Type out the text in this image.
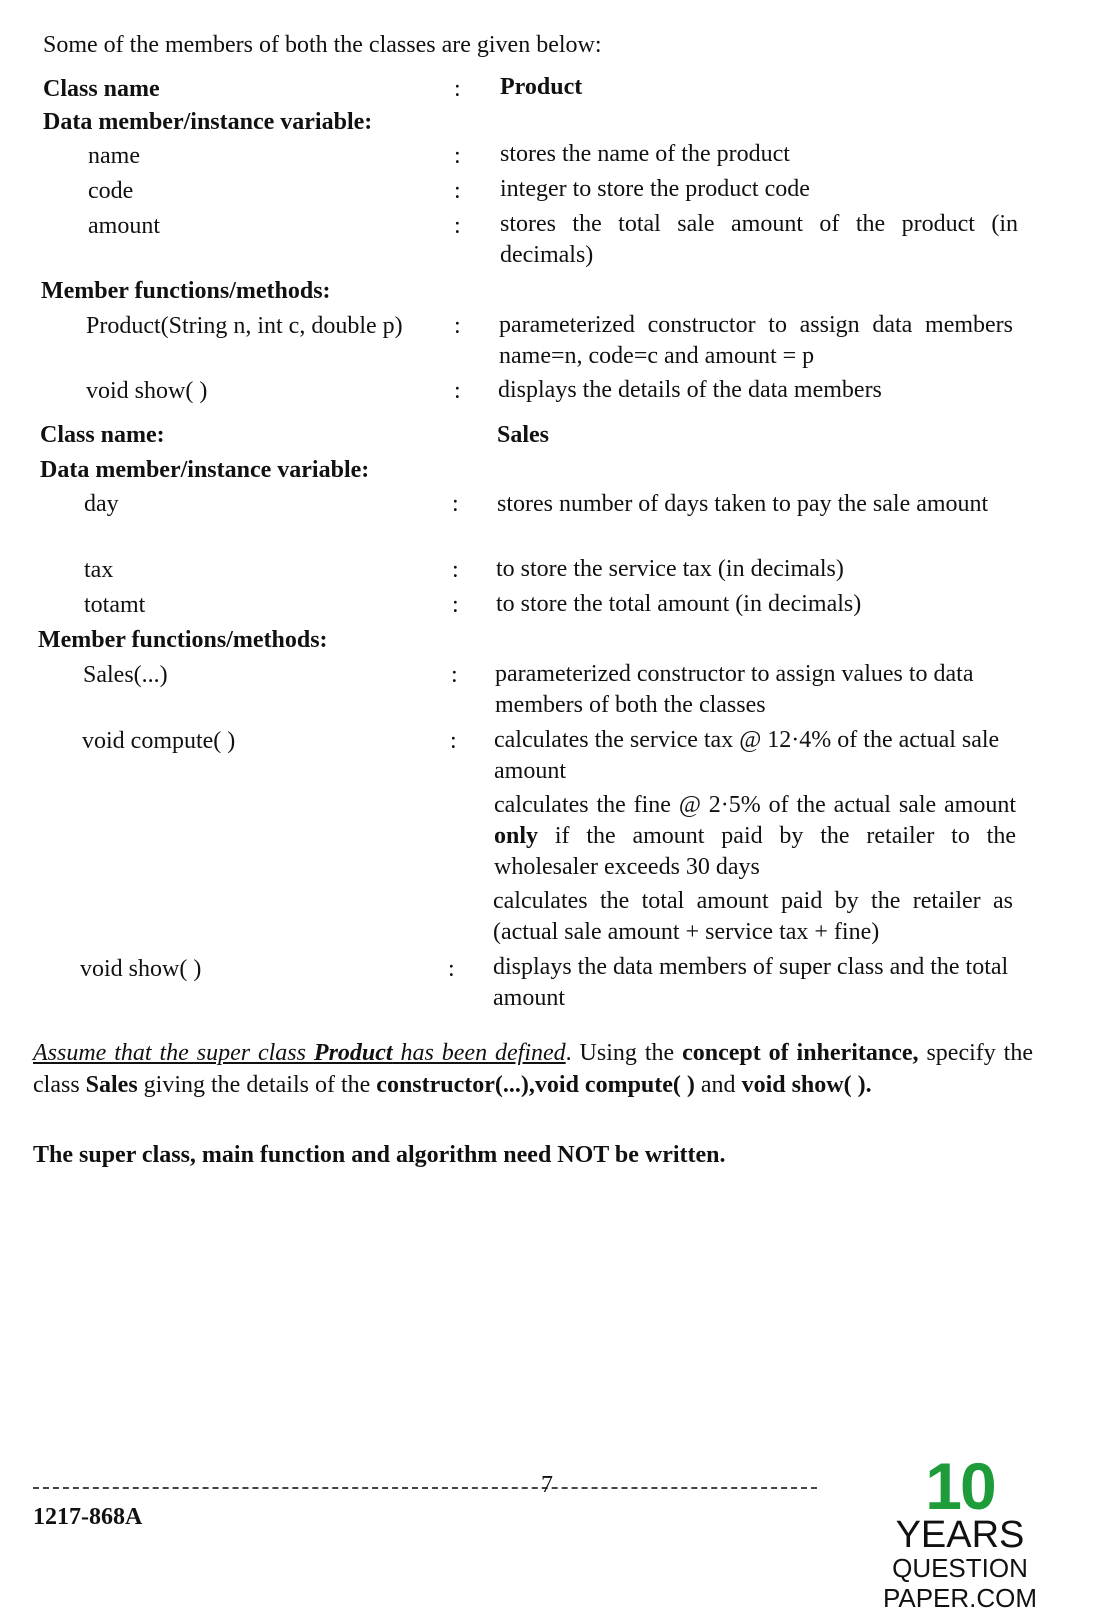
Some of the members of both the classes are given below:
Class name	: Product
Data member/instance variable:
name	: stores the name of the product
code	: integer to store the product code
amount	: stores the total sale amount of the product (in decimals)
Member functions/methods:
Product(String n, int c, double p) : parameterized constructor to assign data members name=n, code=c and amount = p
void show( )	: displays the details of the data members
Class name:	Sales
Data member/instance variable:
day	: stores number of days taken to pay the sale amount
tax	: to store the service tax (in decimals)
totamt	: to store the total amount (in decimals)
Member functions/methods:
Sales(...)	: parameterized constructor to assign values to data members of both the classes
void compute( )	: calculates the service tax @ 12·4% of the actual sale amount
calculates the fine @ 2·5% of the actual sale amount only if the amount paid by the retailer to the wholesaler exceeds 30 days
calculates the total amount paid by the retailer as (actual sale amount + service tax + fine)
void show( )	: displays the data members of super class and the total amount
Assume that the super class Product has been defined. Using the concept of inheritance, specify the class Sales giving the details of the constructor(...),void compute( ) and void show( ).
The super class, main function and algorithm need NOT be written.
7
1217-868A	10
YEARS
QUESTION PAPER.COM
